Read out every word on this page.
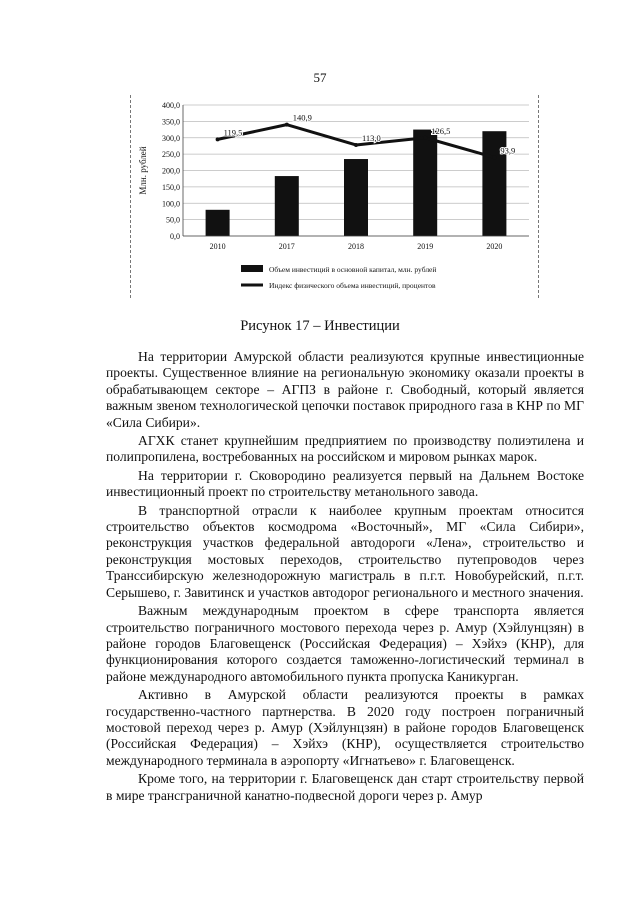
57
119,5
140,9
113,0
126,5
93,9
0,0
50,0
100,0
150,0
200,0
250,0
300,0
350,0
400,0
Млн. рублей
2010	2017	2018	2019	2020
Объем инвестиций в основной капитал, млн. рублей
Индекс физического объема инвестиций, процентов
Рисунок 17 – Инвестиции

На территории Амурской области реализуются крупные инвестиционные проекты. Существенное влияние на региональную экономику оказали проекты в обрабатывающем секторе – АГПЗ в районе г. Свободный, который является важным звеном технологической цепочки поставок природного газа в КНР по МГ «Сила Сибири».

АГХК станет крупнейшим предприятием по производству полиэтилена и полипропилена, востребованных на российском и мировом рынках марок.

На территории г. Сковородино реализуется первый на Дальнем Востоке инвестиционный проект по строительству метанольного завода.

В транспортной отрасли к наиболее крупным проектам относится строительство объектов космодрома «Восточный», МГ «Сила Сибири», реконструкция участков федеральной автодороги «Лена», строительство и реконструкция мостовых переходов, строительство путепроводов через Транссибирскую железнодорожную магистраль в п.г.т. Новобурейский, п.г.т. Серышево, г. Завитинск и участков автодорог регионального и местного значения.

Важным международным проектом в сфере транспорта является строительство пограничного мостового перехода через р. Амур (Хэйлунцзян) в районе городов Благовещенск (Российская Федерация) – Хэйхэ (КНР), для функционирования которого создается таможенно-логистический терминал в районе международного автомобильного пункта пропуска Каникурган.

Активно в Амурской области реализуются проекты в рамках государственно-частного партнерства. В 2020 году построен пограничный мостовой переход через р. Амур (Хэйлунцзян) в районе городов Благовещенск (Российская Федерация) – Хэйхэ (КНР), осуществляется строительство международного терминала в аэропорту «Игнатьево» г. Благовещенск.

Кроме того, на территории г. Благовещенск дан старт строительству первой в мире трансграничной канатно-подвесной дороги через р. Амур
